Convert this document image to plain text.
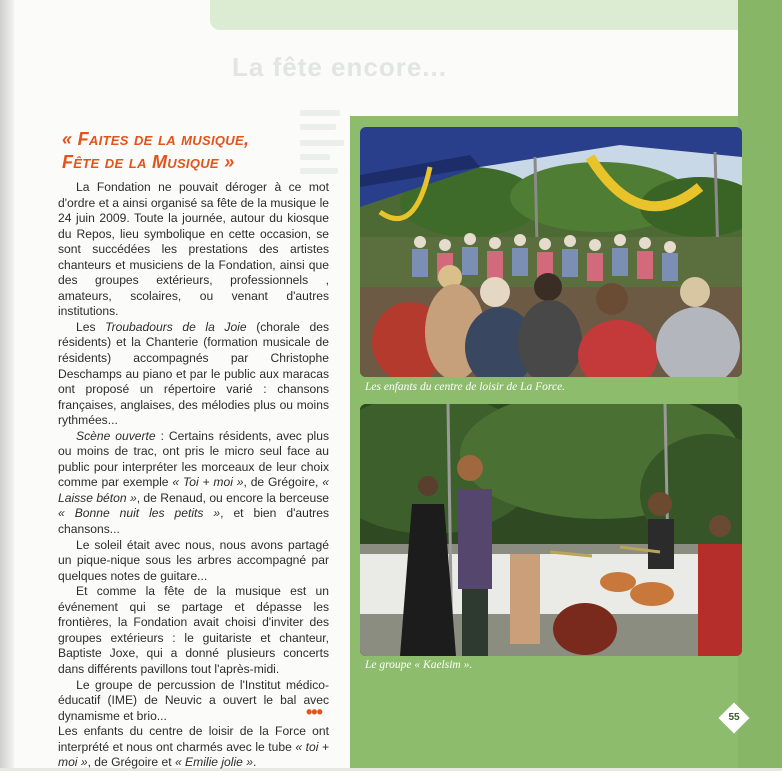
La fête encore...
« Faites de la musique,
Fête de la Musique »

La Fondation ne pouvait déroger à ce mot d'ordre et a ainsi organisé sa fête de la musique le 24 juin 2009. Toute la journée, autour du kiosque du Repos, lieu symbolique en cette occasion, se sont succédées les prestations des artistes chanteurs et musiciens de la Fondation, ainsi que des groupes extérieurs, professionnels , amateurs, scolaires, ou venant d'autres institutions.

Les Troubadours de la Joie (chorale des résidents) et la Chanterie (formation musicale de résidents) accompagnés par Christophe Deschamps au piano et par le public aux maracas ont proposé un répertoire varié : chansons françaises, anglaises, des mélodies plus ou moins rythmées...

Scène ouverte : Certains résidents, avec plus ou moins de trac, ont pris le micro seul face au public pour interpréter les morceaux de leur choix comme par exemple « Toi + moi », de Grégoire, « Laisse béton », de Renaud, ou encore la berceuse « Bonne nuit les petits », et bien d'autres chansons...

Le soleil était avec nous, nous avons partagé un pique-nique sous les arbres accompagné par quelques notes de guitare...

Et comme la fête de la musique est un événement qui se partage et dépasse les frontières, la Fondation avait choisi d'inviter des groupes extérieurs : le guitariste et chanteur, Baptiste Joxe, qui a donné plusieurs concerts dans différents pavillons tout l'après-midi.

  Le groupe de percussion de l'Institut médico-éducatif (IME) de Neuvic a ouvert le bal avec dynamisme et brio...

Les enfants du centre de loisir de la Force ont interprété et nous ont charmés avec le tube « toi + moi », de Grégoire et « Emilie jolie ».

•••
Les enfants du centre de loisir de La Force.
Le groupe « Kaelsim ».
55
